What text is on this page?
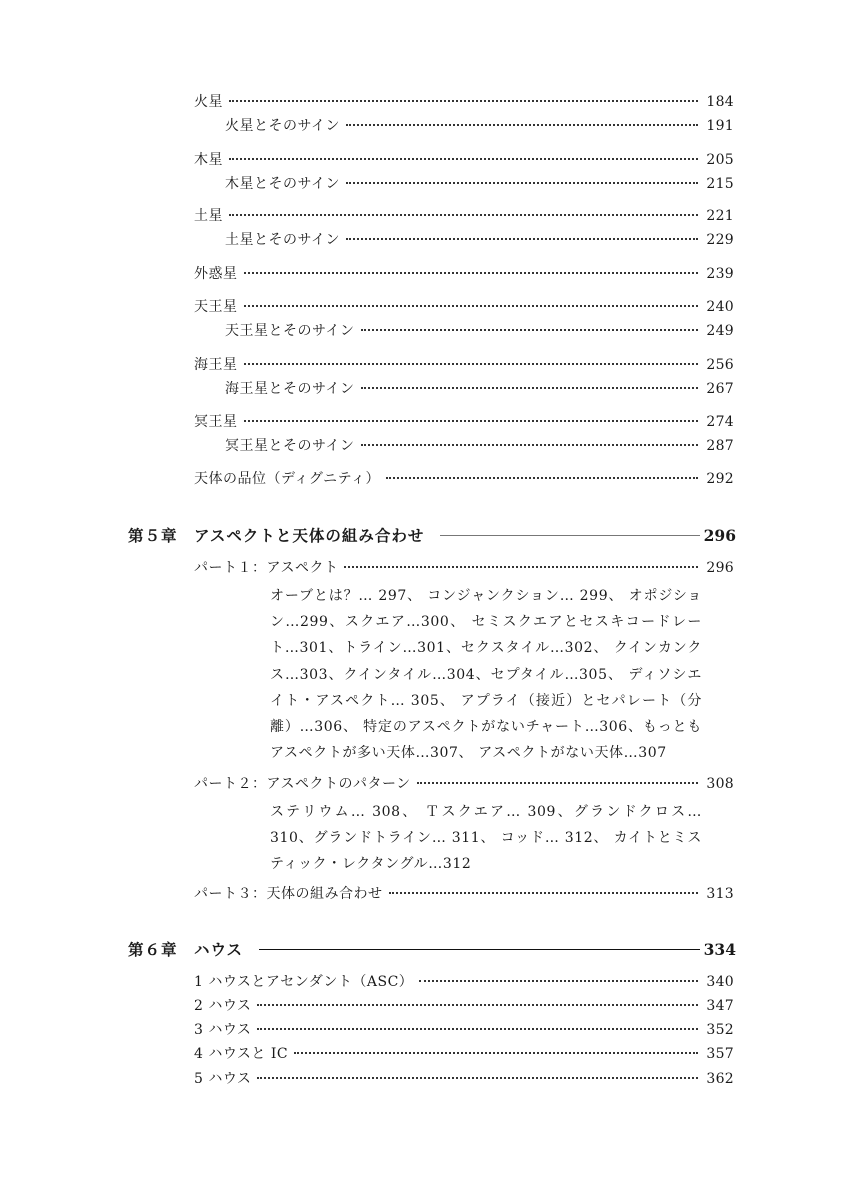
火星	184
火星とそのサイン	191
木星	205
木星とそのサイン	215
土星	221
土星とそのサイン	229
外惑星	239
天王星	240
天王星とそのサイン	249
海王星	256
海王星とそのサイン	267
冥王星	274
冥王星とそのサイン	287
天体の品位（ディグニティ）	292
第５章	アスペクトと天体の組み合わせ	296
パート１：アスペクト	296

オーブとは？… 297、 コンジャンクション… 299、 オポジション…299、スクエア…300、 セミスクエアとセスキコードレート…301、トライン…301、セクスタイル…302、 クインカンクス…303、クインタイル…304、セプタイル…305、 ディソシエイト・アスペクト… 305、 アプライ（接近）とセパレート（分離）…306、 特定のアスペクトがないチャート…306、もっともアスペクトが多い天体…307、 アスペクトがない天体…307

パート２：アスペクトのパターン	308

ステリウム… 308、 Ｔスクエア… 309、グランドクロス… 310、グランドトライン… 311、 コッド… 312、 カイトとミスティック・レクタングル…312

パート３：天体の組み合わせ	313
第６章	ハウス	334
1 ハウスとアセンダント（ASC）	340
2 ハウス	347
3 ハウス	352
4 ハウスと IC	357
5 ハウス	362
